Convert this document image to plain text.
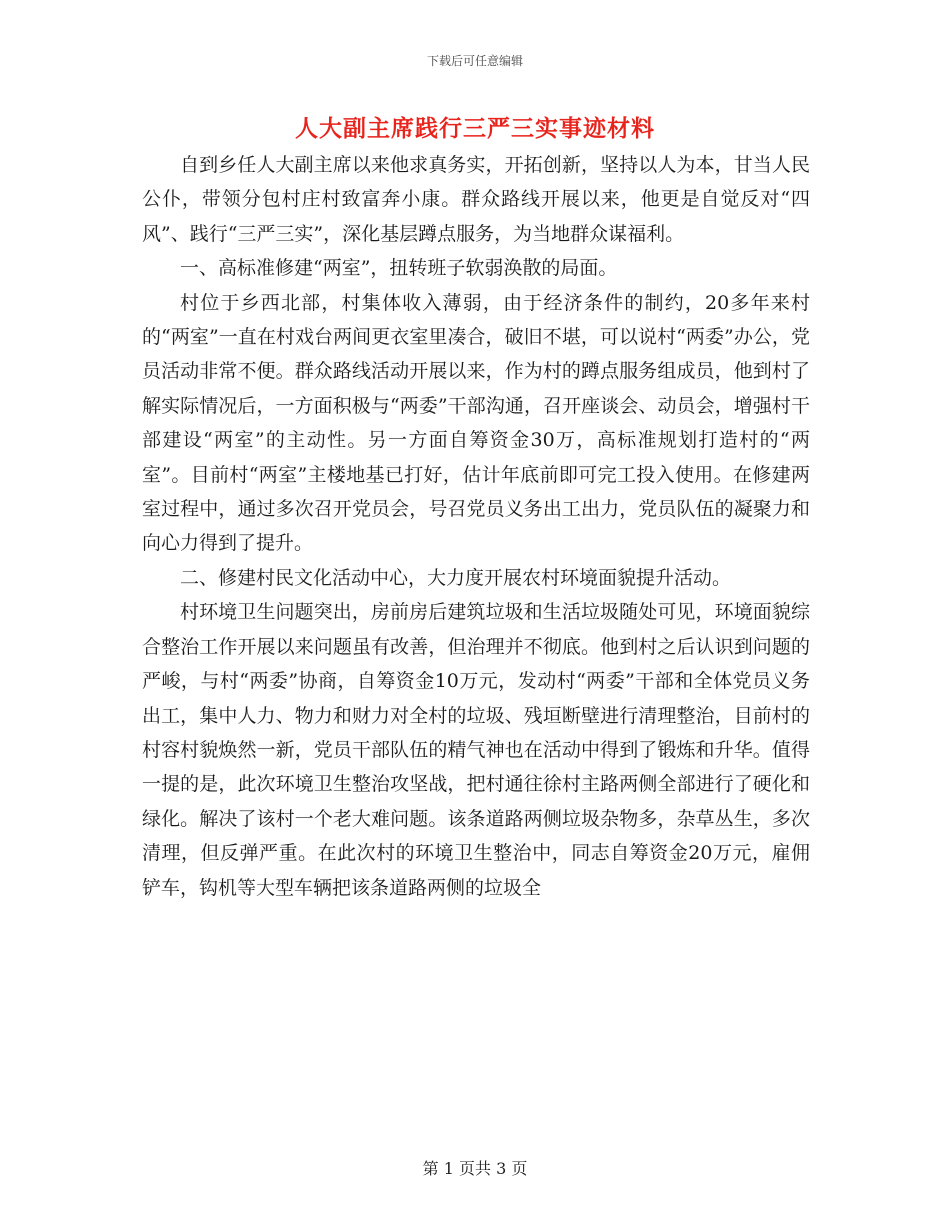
下载后可任意编辑
人大副主席践行三严三实事迹材料

自到乡任人大副主席以来他求真务实，开拓创新，坚持以人为本，甘当人民公仆，带领分包村庄村致富奔小康。群众路线开展以来，他更是自觉反对“四风”、践行“三严三实”，深化基层蹲点服务，为当地群众谋福利。

一、高标准修建“两室”，扭转班子软弱涣散的局面。

村位于乡西北部，村集体收入薄弱，由于经济条件的制约，20多年来村的“两室”一直在村戏台两间更衣室里凑合，破旧不堪，可以说村“两委”办公，党员活动非常不便。群众路线活动开展以来，作为村的蹲点服务组成员，他到村了解实际情况后，一方面积极与“两委”干部沟通，召开座谈会、动员会，增强村干部建设“两室”的主动性。另一方面自筹资金30万，高标准规划打造村的“两室”。目前村“两室”主楼地基已打好，估计年底前即可完工投入使用。在修建两室过程中，通过多次召开党员会，号召党员义务出工出力，党员队伍的凝聚力和向心力得到了提升。

二、修建村民文化活动中心，大力度开展农村环境面貌提升活动。

村环境卫生问题突出，房前房后建筑垃圾和生活垃圾随处可见，环境面貌综合整治工作开展以来问题虽有改善，但治理并不彻底。他到村之后认识到问题的严峻，与村“两委”协商，自筹资金10万元，发动村“两委”干部和全体党员义务出工，集中人力、物力和财力对全村的垃圾、残垣断壁进行清理整治，目前村的村容村貌焕然一新，党员干部队伍的精气神也在活动中得到了锻炼和升华。值得一提的是，此次环境卫生整治攻坚战，把村通往徐村主路两侧全部进行了硬化和绿化。解决了该村一个老大难问题。该条道路两侧垃圾杂物多，杂草丛生，多次清理，但反弹严重。在此次村的环境卫生整治中，同志自筹资金20万元，雇佣铲车，钩机等大型车辆把该条道路两侧的垃圾全

第 1 页共 3 页
